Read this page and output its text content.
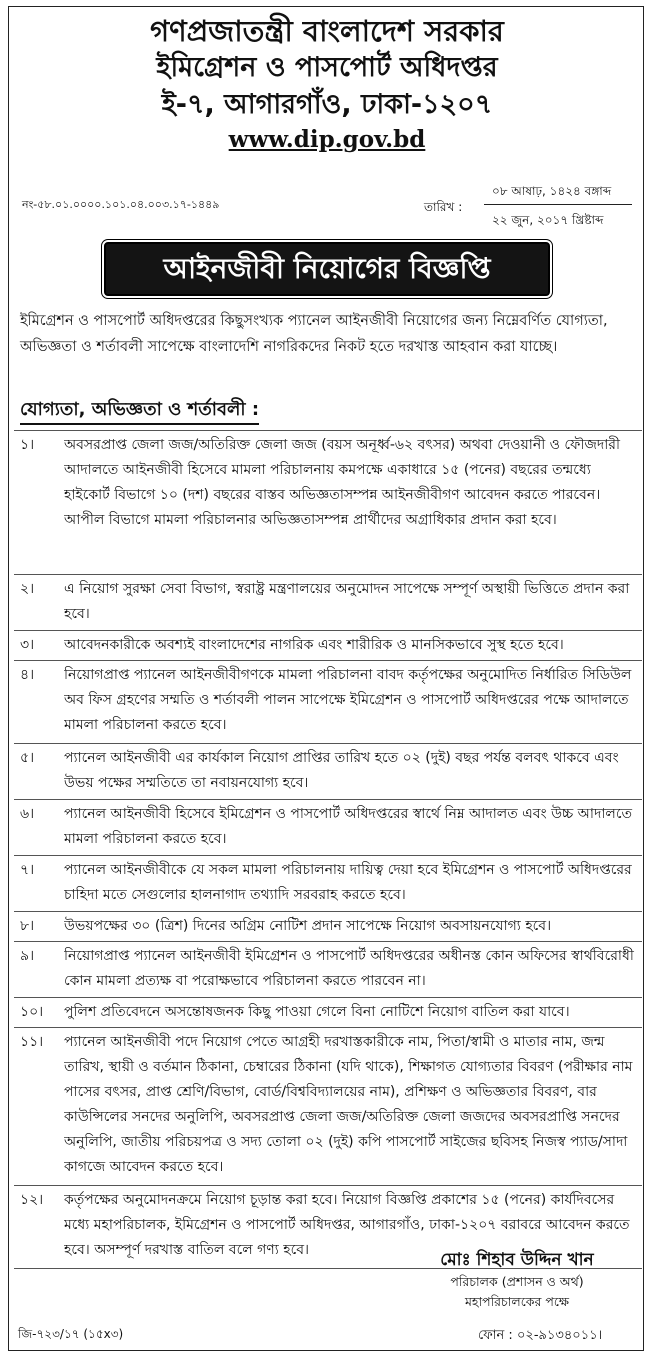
গণপ্রজাতন্ত্রী বাংলাদেশ সরকার
ইমিগ্রেশন ও পাসপোর্ট অধিদপ্তর
ই-৭, আগারগাঁও, ঢাকা-১২০৭
www.dip.gov.bd
নং-৫৮.০১.০০০০.১০১.০৪.০০৩.১৭-১৪৪৯	তারিখ :
০৮ আষাঢ়, ১৪২৪ বঙ্গাব্দ
২২ জুন, ২০১৭ খ্রিষ্টাব্দ
আইনজীবী নিয়োগের বিজ্ঞপ্তি
ইমিগ্রেশন ও পাসপোর্ট অধিদপ্তরের কিছুসংখ্যক প্যানেল আইনজীবী নিয়োগের জন্য নিম্নেবর্ণিত যোগ্যতা, অভিজ্ঞতা ও শর্তাবলী সাপেক্ষে বাংলাদেশি নাগরিকদের নিকট হতে দরখাস্ত আহবান করা যাচ্ছে।
যোগ্যতা, অভিজ্ঞতা ও শর্তাবলী :
১। অবসরপ্রাপ্ত জেলা জজ/অতিরিক্ত জেলা জজ (বয়স অনূর্ধ্ব-৬২ বৎসর) অথবা দেওয়ানী ও ফৌজদারী আদালতে আইনজীবী হিসেবে মামলা পরিচালনায় কমপক্ষে একাধারে ১৫ (পনের) বছরের তন্মধ্যে হাইকোর্ট বিভাগে ১০ (দশ) বছরের বাস্তব অভিজ্ঞতাসম্পন্ন আইনজীবীগণ আবেদন করতে পারবেন। আপীল বিভাগে মামলা পরিচালনার অভিজ্ঞতাসম্পন্ন প্রার্থীদের অগ্রাধিকার প্রদান করা হবে।
২। এ নিয়োগ সুরক্ষা সেবা বিভাগ, স্বরাষ্ট্র মন্ত্রণালয়ের অনুমোদন সাপেক্ষে সম্পূর্ণ অস্থায়ী ভিত্তিতে প্রদান করা হবে।
৩। আবেদনকারীকে অবশ্যই বাংলাদেশের নাগরিক এবং শারীরিক ও মানসিকভাবে সুস্থ হতে হবে।
৪। নিয়োগপ্রাপ্ত প্যানেল আইনজীবীগণকে মামলা পরিচালনা বাবদ কর্তৃপক্ষের অনুমোদিত নির্ধারিত সিডিউল অব ফিস গ্রহণের সম্মতি ও শর্তাবলী পালন সাপেক্ষে ইমিগ্রেশন ও পাসপোর্ট অধিদপ্তরের পক্ষে আদালতে মামলা পরিচালনা করতে হবে।
৫। প্যানেল আইনজীবী এর কার্যকাল নিয়োগ প্রাপ্তির তারিখ হতে ০২ (দুই) বছর পর্যন্ত বলবৎ থাকবে এবং উভয় পক্ষের সম্মতিতে তা নবায়নযোগ্য হবে।
৬। প্যানেল আইনজীবী হিসেবে ইমিগ্রেশন ও পাসপোর্ট অধিদপ্তরের স্বার্থে নিম্ন আদালত এবং উচ্চ আদালতে মামলা পরিচালনা করতে হবে।
৭। প্যানেল আইনজীবীকে যে সকল মামলা পরিচালনায় দায়িত্ব দেয়া হবে ইমিগ্রেশন ও পাসপোর্ট অধিদপ্তরের চাহিদা মতে সেগুলোর হালনাগাদ তথ্যাদি সরবরাহ করতে হবে।
৮। উভয়পক্ষের ৩০ (ত্রিশ) দিনের অগ্রিম নোটিশ প্রদান সাপেক্ষে নিয়োগ অবসায়নযোগ্য হবে।
৯। নিয়োগপ্রাপ্ত প্যানেল আইনজীবী ইমিগ্রেশন ও পাসপোর্ট অধিদপ্তরের অধীনস্ত কোন অফিসের স্বার্থবিরোধী কোন মামলা প্রত্যক্ষ বা পরোক্ষভাবে পরিচালনা করতে পারবেন না।
১০। পুলিশ প্রতিবেদনে অসন্তোষজনক কিছু পাওয়া গেলে বিনা নোটিশে নিয়োগ বাতিল করা যাবে।
১১। প্যানেল আইনজীবী পদে নিয়োগ পেতে আগ্রহী দরখাস্তকারীকে নাম, পিতা/স্বামী ও মাতার নাম, জন্ম তারিখ, স্থায়ী ও বর্তমান ঠিকানা, চেম্বারের ঠিকানা (যদি থাকে), শিক্ষাগত যোগ্যতার বিবরণ (পরীক্ষার নাম পাসের বৎসর, প্রাপ্ত শ্রেণি/বিভাগ, বোর্ড/বিশ্ববিদ্যালয়ের নাম), প্রশিক্ষণ ও অভিজ্ঞতার বিবরণ, বার কাউন্সিলের সনদের অনুলিপি, অবসরপ্রাপ্ত জেলা জজ/অতিরিক্ত জেলা জজদের অবসরপ্রাপ্তি সনদের অনুলিপি, জাতীয় পরিচয়পত্র ও সদ্য তোলা ০২ (দুই) কপি পাসপোর্ট সাইজের ছবিসহ নিজস্ব প্যাড/সাদা কাগজে আবেদন করতে হবে।
১২। কর্তৃপক্ষের অনুমোদনক্রমে নিয়োগ চূড়ান্ত করা হবে। নিয়োগ বিজ্ঞপ্তি প্রকাশের ১৫ (পনের) কার্যদিবসের মধ্যে মহাপরিচালক, ইমিগ্রেশন ও পাসপোর্ট অধিদপ্তর, আগারগাঁও, ঢাকা-১২০৭ বরাবরে আবেদন করতে হবে। অসম্পূর্ণ দরখাস্ত বাতিল বলে গণ্য হবে।	মোঃ শিহাব উদ্দিন খান
পরিচালক (প্রশাসন ও অর্থ)
মহাপরিচালকের পক্ষে
ফোন : ০২-৯১৩৪০১১।
জি-৭২৩/১৭ (১৫x৩)
